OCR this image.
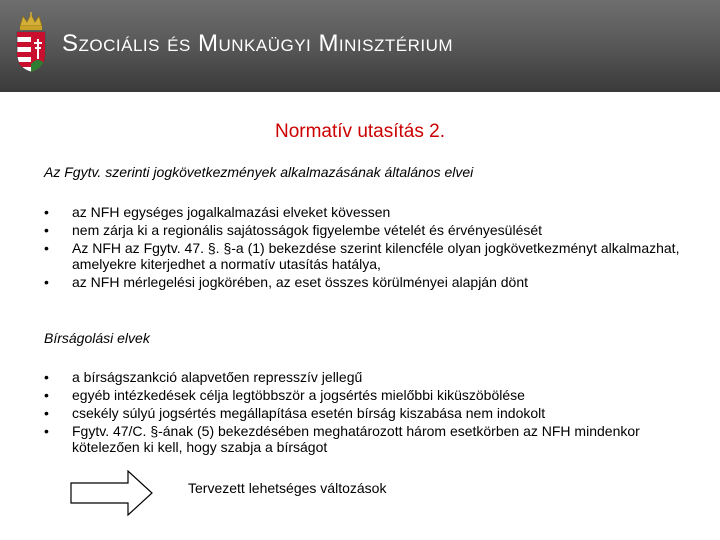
Szociális és Munkaügyi Minisztérium
Normatív utasítás 2.
Az Fgytv. szerinti jogkövetkezmények alkalmazásának általános elvei
• az NFH egységes jogalkalmazási elveket kövessen
• nem zárja ki a regionális sajátosságok figyelembe vételét és érvényesülését
• Az NFH az Fgytv. 47. §. §-a (1) bekezdése szerint kilencféle olyan jogkövetkezményt alkalmazhat, amelyekre kiterjedhet a normatív utasítás hatálya,
• az NFH mérlegelési jogkörében, az eset összes körülményei alapján dönt
Bírságolási elvek
• a bírságszankció alapvetően represszív jellegű
• egyéb intézkedések célja legtöbbször a jogsértés mielőbbi kiküszöbölése
• csekély súlyú jogsértés megállapítása esetén bírság kiszabása nem indokolt
• Fgytv. 47/C. §-ának (5) bekezdésében meghatározott három esetkörben az NFH mindenkor kötelezően ki kell, hogy szabja a bírságot
Tervezett lehetséges változások
